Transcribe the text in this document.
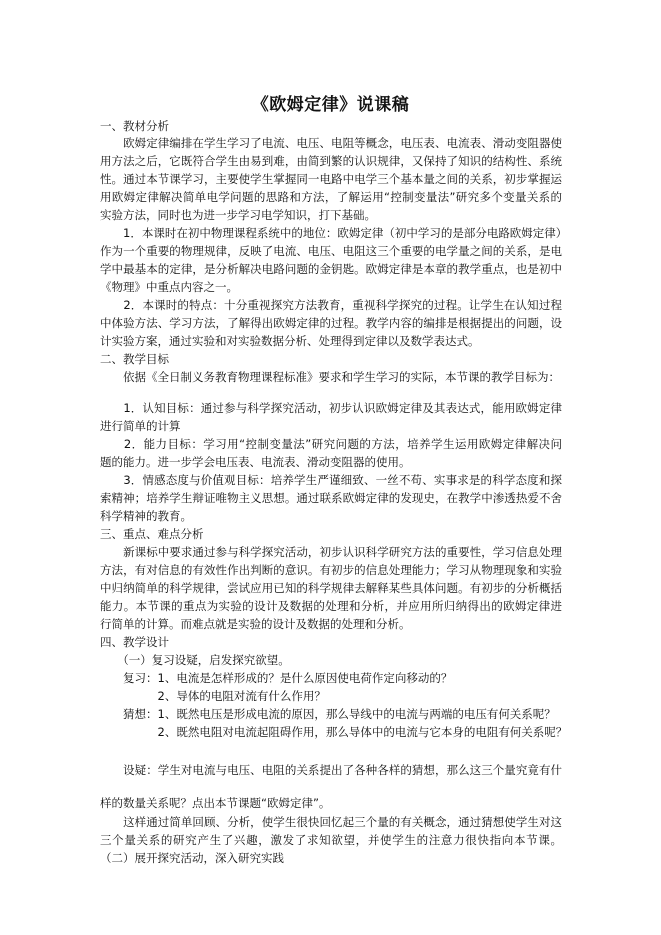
《欧姆定律》说课稿
一、教材分析
　　欧姆定律编排在学生学习了电流、电压、电阻等概念，电压表、电流表、滑动变阻器使
用方法之后，它既符合学生由易到难，由简到繁的认识规律，又保持了知识的结构性、系统
性。通过本节课学习，主要使学生掌握同一电路中电学三个基本量之间的关系，初步掌握运
用欧姆定律解决简单电学问题的思路和方法，了解运用“控制变量法”研究多个变量关系的
实验方法，同时也为进一步学习电学知识，打下基础。
　　1．本课时在初中物理课程系统中的地位：欧姆定律（初中学习的是部分电路欧姆定律）
作为一个重要的物理规律，反映了电流、电压、电阻这三个重要的电学量之间的关系，是电
学中最基本的定律，是分析解决电路问题的金钥匙。欧姆定律是本章的教学重点，也是初中
《物理》中重点内容之一。
　　2．本课时的特点：十分重视探究方法教育，重视科学探究的过程。让学生在认知过程
中体验方法、学习方法，了解得出欧姆定律的过程。教学内容的编排是根据提出的问题，设
计实验方案，通过实验和对实验数据分析、处理得到定律以及数学表达式。
二、教学目标
　　依据《全日制义务教育物理课程标准》要求和学生学习的实际，本节课的教学目标为：
　　1．认知目标：通过参与科学探究活动，初步认识欧姆定律及其表达式，能用欧姆定律
进行简单的计算
　　2．能力目标：学习用“控制变量法”研究问题的方法，培养学生运用欧姆定律解决问
题的能力。进一步学会电压表、电流表、滑动变阻器的使用。
　　3．情感态度与价值观目标：培养学生严谨细致、一丝不苟、实事求是的科学态度和探
索精神；培养学生辩证唯物主义思想。通过联系欧姆定律的发现史，在教学中渗透热爱不舍
科学精神的教育。
三、重点、难点分析
　　新课标中要求通过参与科学探究活动，初步认识科学研究方法的重要性，学习信息处理
方法，有对信息的有效性作出判断的意识。有初步的信息处理能力；学习从物理现象和实验
中归纳简单的科学规律，尝试应用已知的科学规律去解释某些具体问题。有初步的分析概括
能力。本节课的重点为实验的设计及数据的处理和分析，并应用所归纳得出的欧姆定律进
行简单的计算。而难点就是实验的设计及数据的处理和分析。
四、教学设计
　　（一）复习设疑，启发探究欲望。
　　复习：1、电流是怎样形成的？是什么原因使电荷作定向移动的？
　　　　　2、导体的电阻对流有什么作用？
　　猜想：1、既然电压是形成电流的原因，那么导线中的电流与两端的电压有何关系呢？
　　　　　2、既然电阻对电流起阻碍作用，那么导体中的电流与它本身的电阻有何关系呢？
　　设疑：学生对电流与电压、电阻的关系提出了各种各样的猜想，那么这三个量究竟有什
样的数量关系呢？点出本节课题“欧姆定律”。
　　这样通过简单回顾、分析，使学生很快回忆起三个量的有关概念，通过猜想使学生对这
三个量关系的研究产生了兴趣，激发了求知欲望，并使学生的注意力很快指向本节课。
（二）展开探究活动，深入研究实践
